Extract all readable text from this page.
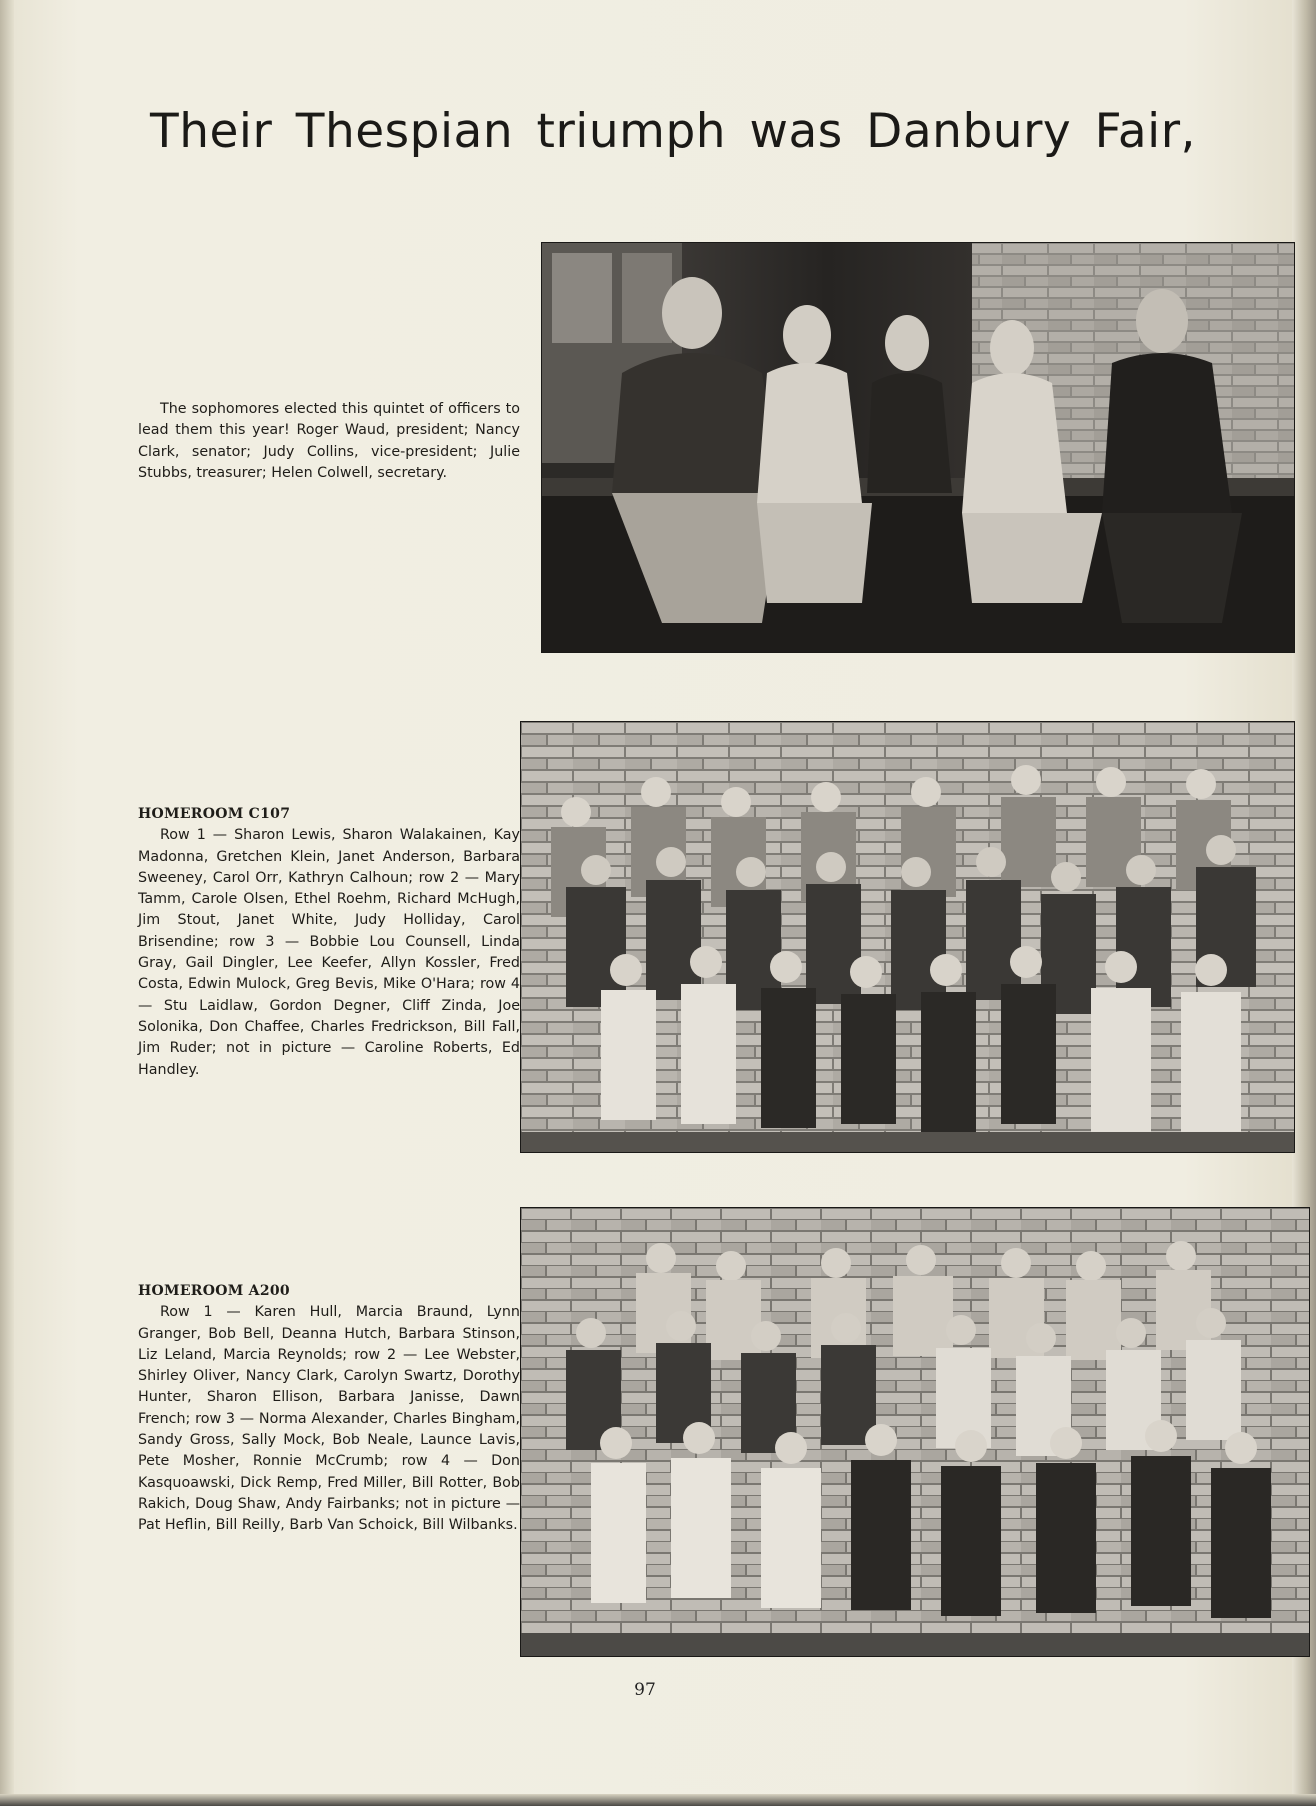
Their Thespian triumph was Danbury Fair,

The sophomores elected this quintet of officers to lead them this year! Roger Waud, president; Nancy Clark, senator; Judy Collins, vice-president; Julie Stubbs, treasurer; Helen Colwell, secretary.

HOMEROOM C107

Row 1 — Sharon Lewis, Sharon Walakainen, Kay Madonna, Gretchen Klein, Janet Anderson, Barbara Sweeney, Carol Orr, Kathryn Calhoun; row 2 — Mary Tamm, Carole Olsen, Ethel Roehm, Richard McHugh, Jim Stout, Janet White, Judy Holliday, Carol Brisendine; row 3 — Bobbie Lou Counsell, Linda Gray, Gail Dingler, Lee Keefer, Allyn Kossler, Fred Costa, Edwin Mulock, Greg Bevis, Mike O'Hara; row 4 — Stu Laidlaw, Gordon Degner, Cliff Zinda, Joe Solonika, Don Chaffee, Charles Fredrickson, Bill Fall, Jim Ruder; not in picture — Caroline Roberts, Ed Handley.

HOMEROOM A200

Row 1 — Karen Hull, Marcia Braund, Lynn Granger, Bob Bell, Deanna Hutch, Barbara Stinson, Liz Leland, Marcia Reynolds; row 2 — Lee Webster, Shirley Oliver, Nancy Clark, Carolyn Swartz, Dorothy Hunter, Sharon Ellison, Barbara Janisse, Dawn French; row 3 — Norma Alexander, Charles Bingham, Sandy Gross, Sally Mock, Bob Neale, Launce Lavis, Pete Mosher, Ronnie McCrumb; row 4 — Don Kasquoawski, Dick Remp, Fred Miller, Bill Rotter, Bob Rakich, Doug Shaw, Andy Fairbanks; not in picture — Pat Heflin, Bill Reilly, Barb Van Schoick, Bill Wilbanks.

97
